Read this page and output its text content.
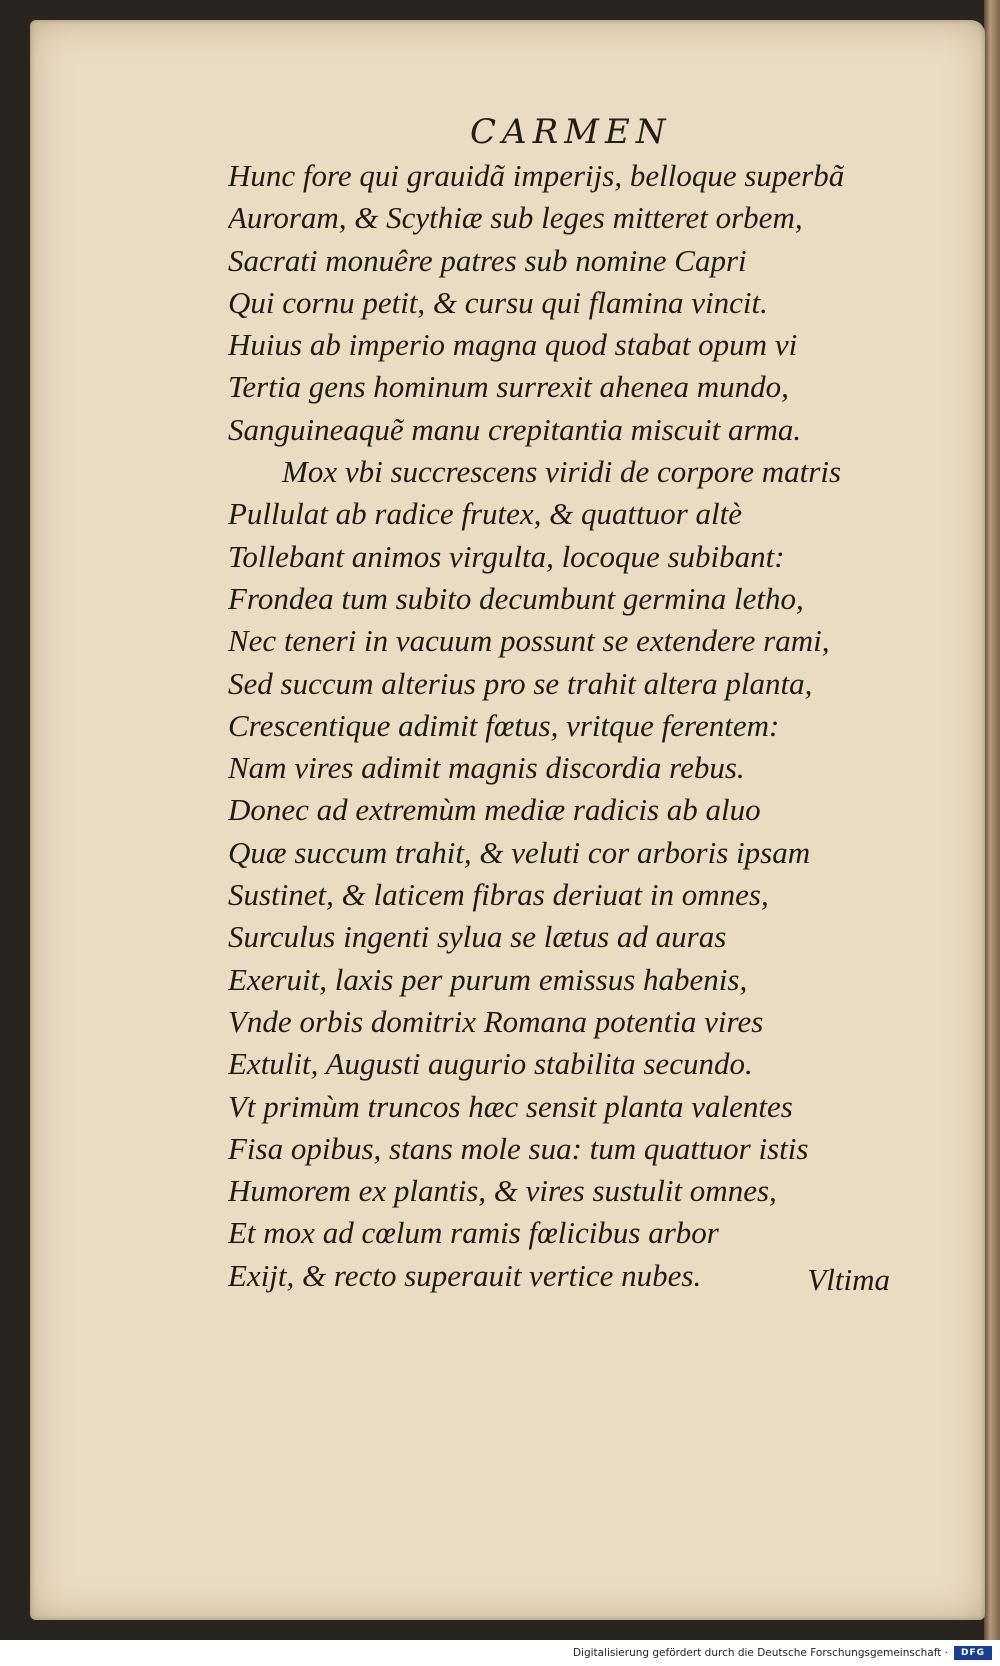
CARMEN
Hunc fore qui grauidã imperijs, belloque superbã
Auroram, & Scythiæ sub leges mitteret orbem,
Sacrati monuêre patres sub nomine Capri
Qui cornu petit, & cursu qui flamina vincit.
Huius ab imperio magna quod stabat opum vi
Tertia gens hominum surrexit ahenea mundo,
Sanguineaquẽ manu crepitantia miscuit arma.
Mox vbi succrescens viridi de corpore matris
Pullulat ab radice frutex, & quattuor altè
Tollebant animos virgulta, locoque subibant:
Frondea tum subito decumbunt germina letho,
Nec teneri in vacuum possunt se extendere rami,
Sed succum alterius pro se trahit altera planta,
Crescentique adimit fœtus, vritque ferentem:
Nam vires adimit magnis discordia rebus.
Donec ad extremùm mediæ radicis ab aluo
Quæ succum trahit, & veluti cor arboris ipsam
Sustinet, & laticem fibras deriuat in omnes,
Surculus ingenti sylua se lætus ad auras
Exeruit, laxis per purum emissus habenis,
Vnde orbis domitrix Romana potentia vires
Extulit, Augusti augurio stabilita secundo.
Vt primùm truncos hæc sensit planta valentes
Fisa opibus, stans mole sua: tum quattuor istis
Humorem ex plantis, & vires sustulit omnes,
Et mox ad cœlum ramis fœlicibus arbor
Exijt, & recto superauit vertice nubes.	Vltima
Digitalisierung gefördert durch die Deutsche Forschungsgemeinschaft ·	DFG
